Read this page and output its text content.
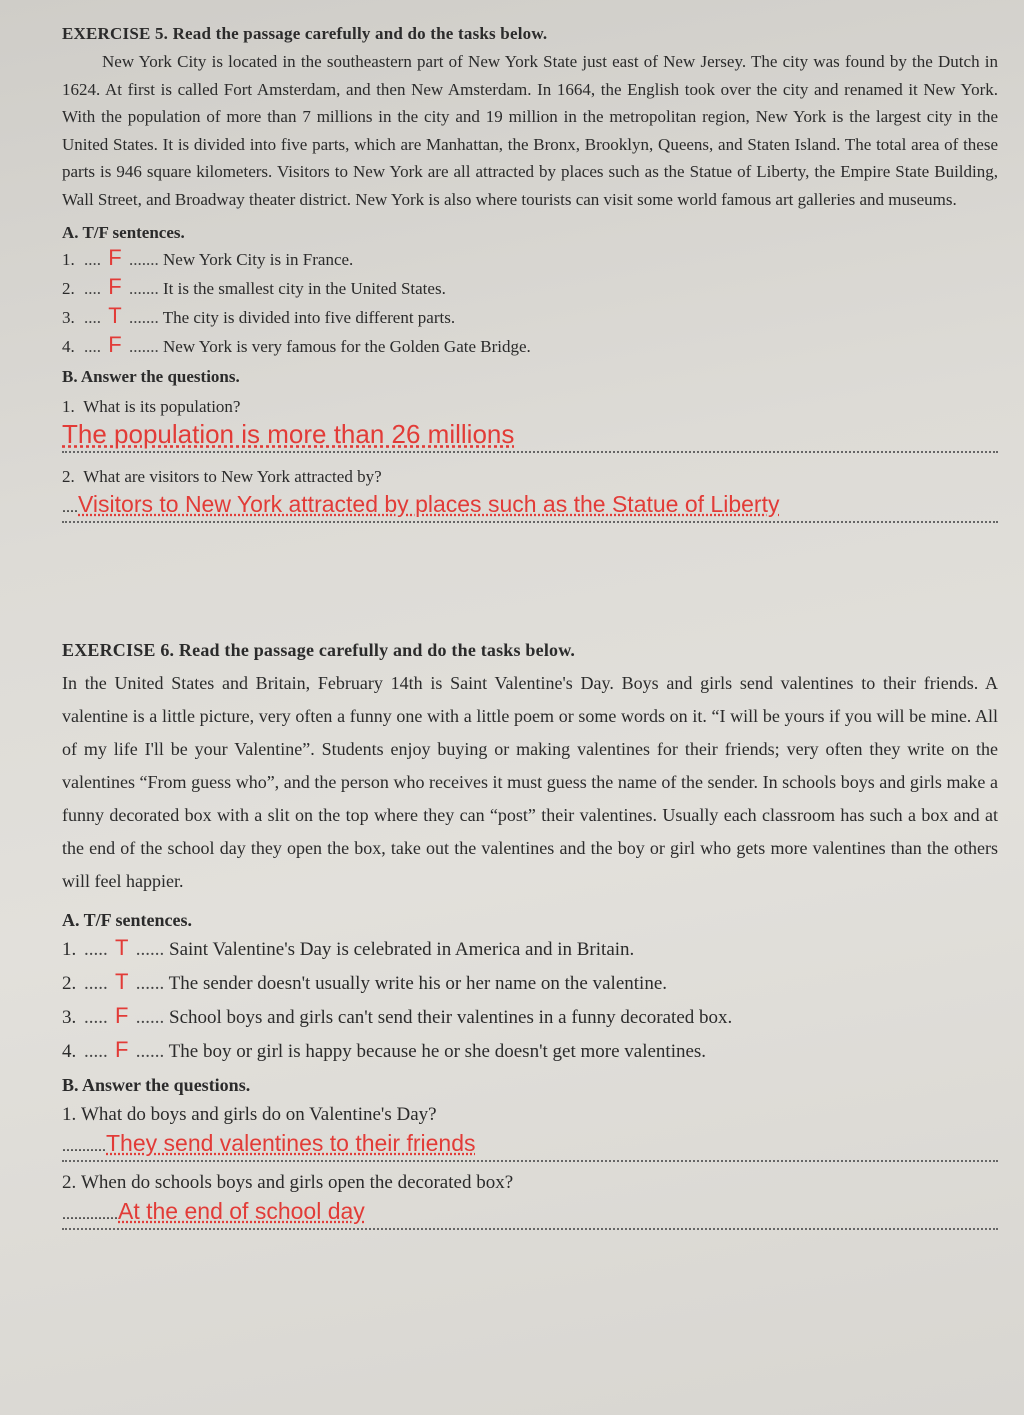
EXERCISE 5. Read the passage carefully and do the tasks below.
New York City is located in the southeastern part of New York State just east of New Jersey. The city was found by the Dutch in 1624. At first is called Fort Amsterdam, and then New Amsterdam. In 1664, the English took over the city and renamed it New York. With the population of more than 7 millions in the city and 19 million in the metropolitan region, New York is the largest city in the United States. It is divided into five parts, which are Manhattan, the Bronx, Brooklyn, Queens, and Staten Island. The total area of these parts is 946 square kilometers. Visitors to New York are all attracted by places such as the Statue of Liberty, the Empire State Building, Wall Street, and Broadway theater district. New York is also where tourists can visit some world famous art galleries and museums.
A. T/F sentences.
1. .... F ....... New York City is in France.
2. .... F ....... It is the smallest city in the United States.
3. .... T ....... The city is divided into five different parts.
4. .... F ....... New York is very famous for the Golden Gate Bridge.
B. Answer the questions.
1. What is its population?
The population is more than 26 millions
2. What are visitors to New York attracted by?
....Visitors to New York attracted by places such as the Statue of Liberty
EXERCISE 6. Read the passage carefully and do the tasks below.
In the United States and Britain, February 14th is Saint Valentine's Day. Boys and girls send valentines to their friends. A valentine is a little picture, very often a funny one with a little poem or some words on it. “I will be yours if you will be mine. All of my life I'll be your Valentine”. Students enjoy buying or making valentines for their friends; very often they write on the valentines “From guess who”, and the person who receives it must guess the name of the sender. In schools boys and girls make a funny decorated box with a slit on the top where they can “post” their valentines. Usually each classroom has such a box and at the end of the school day they open the box, take out the valentines and the boy or girl who gets more valentines than the others will feel happier.
A. T/F sentences.
1. ..... T ...... Saint Valentine's Day is celebrated in America and in Britain.
2. ..... T ...... The sender doesn't usually write his or her name on the valentine.
3. ..... F ...... School boys and girls can't send their valentines in a funny decorated box.
4. ..... F ...... The boy or girl is happy because he or she doesn't get more valentines.
B. Answer the questions.
1. What do boys and girls do on Valentine's Day?
...........They send valentines to their friends
2. When do schools boys and girls open the decorated box?
..............At the end of school day
